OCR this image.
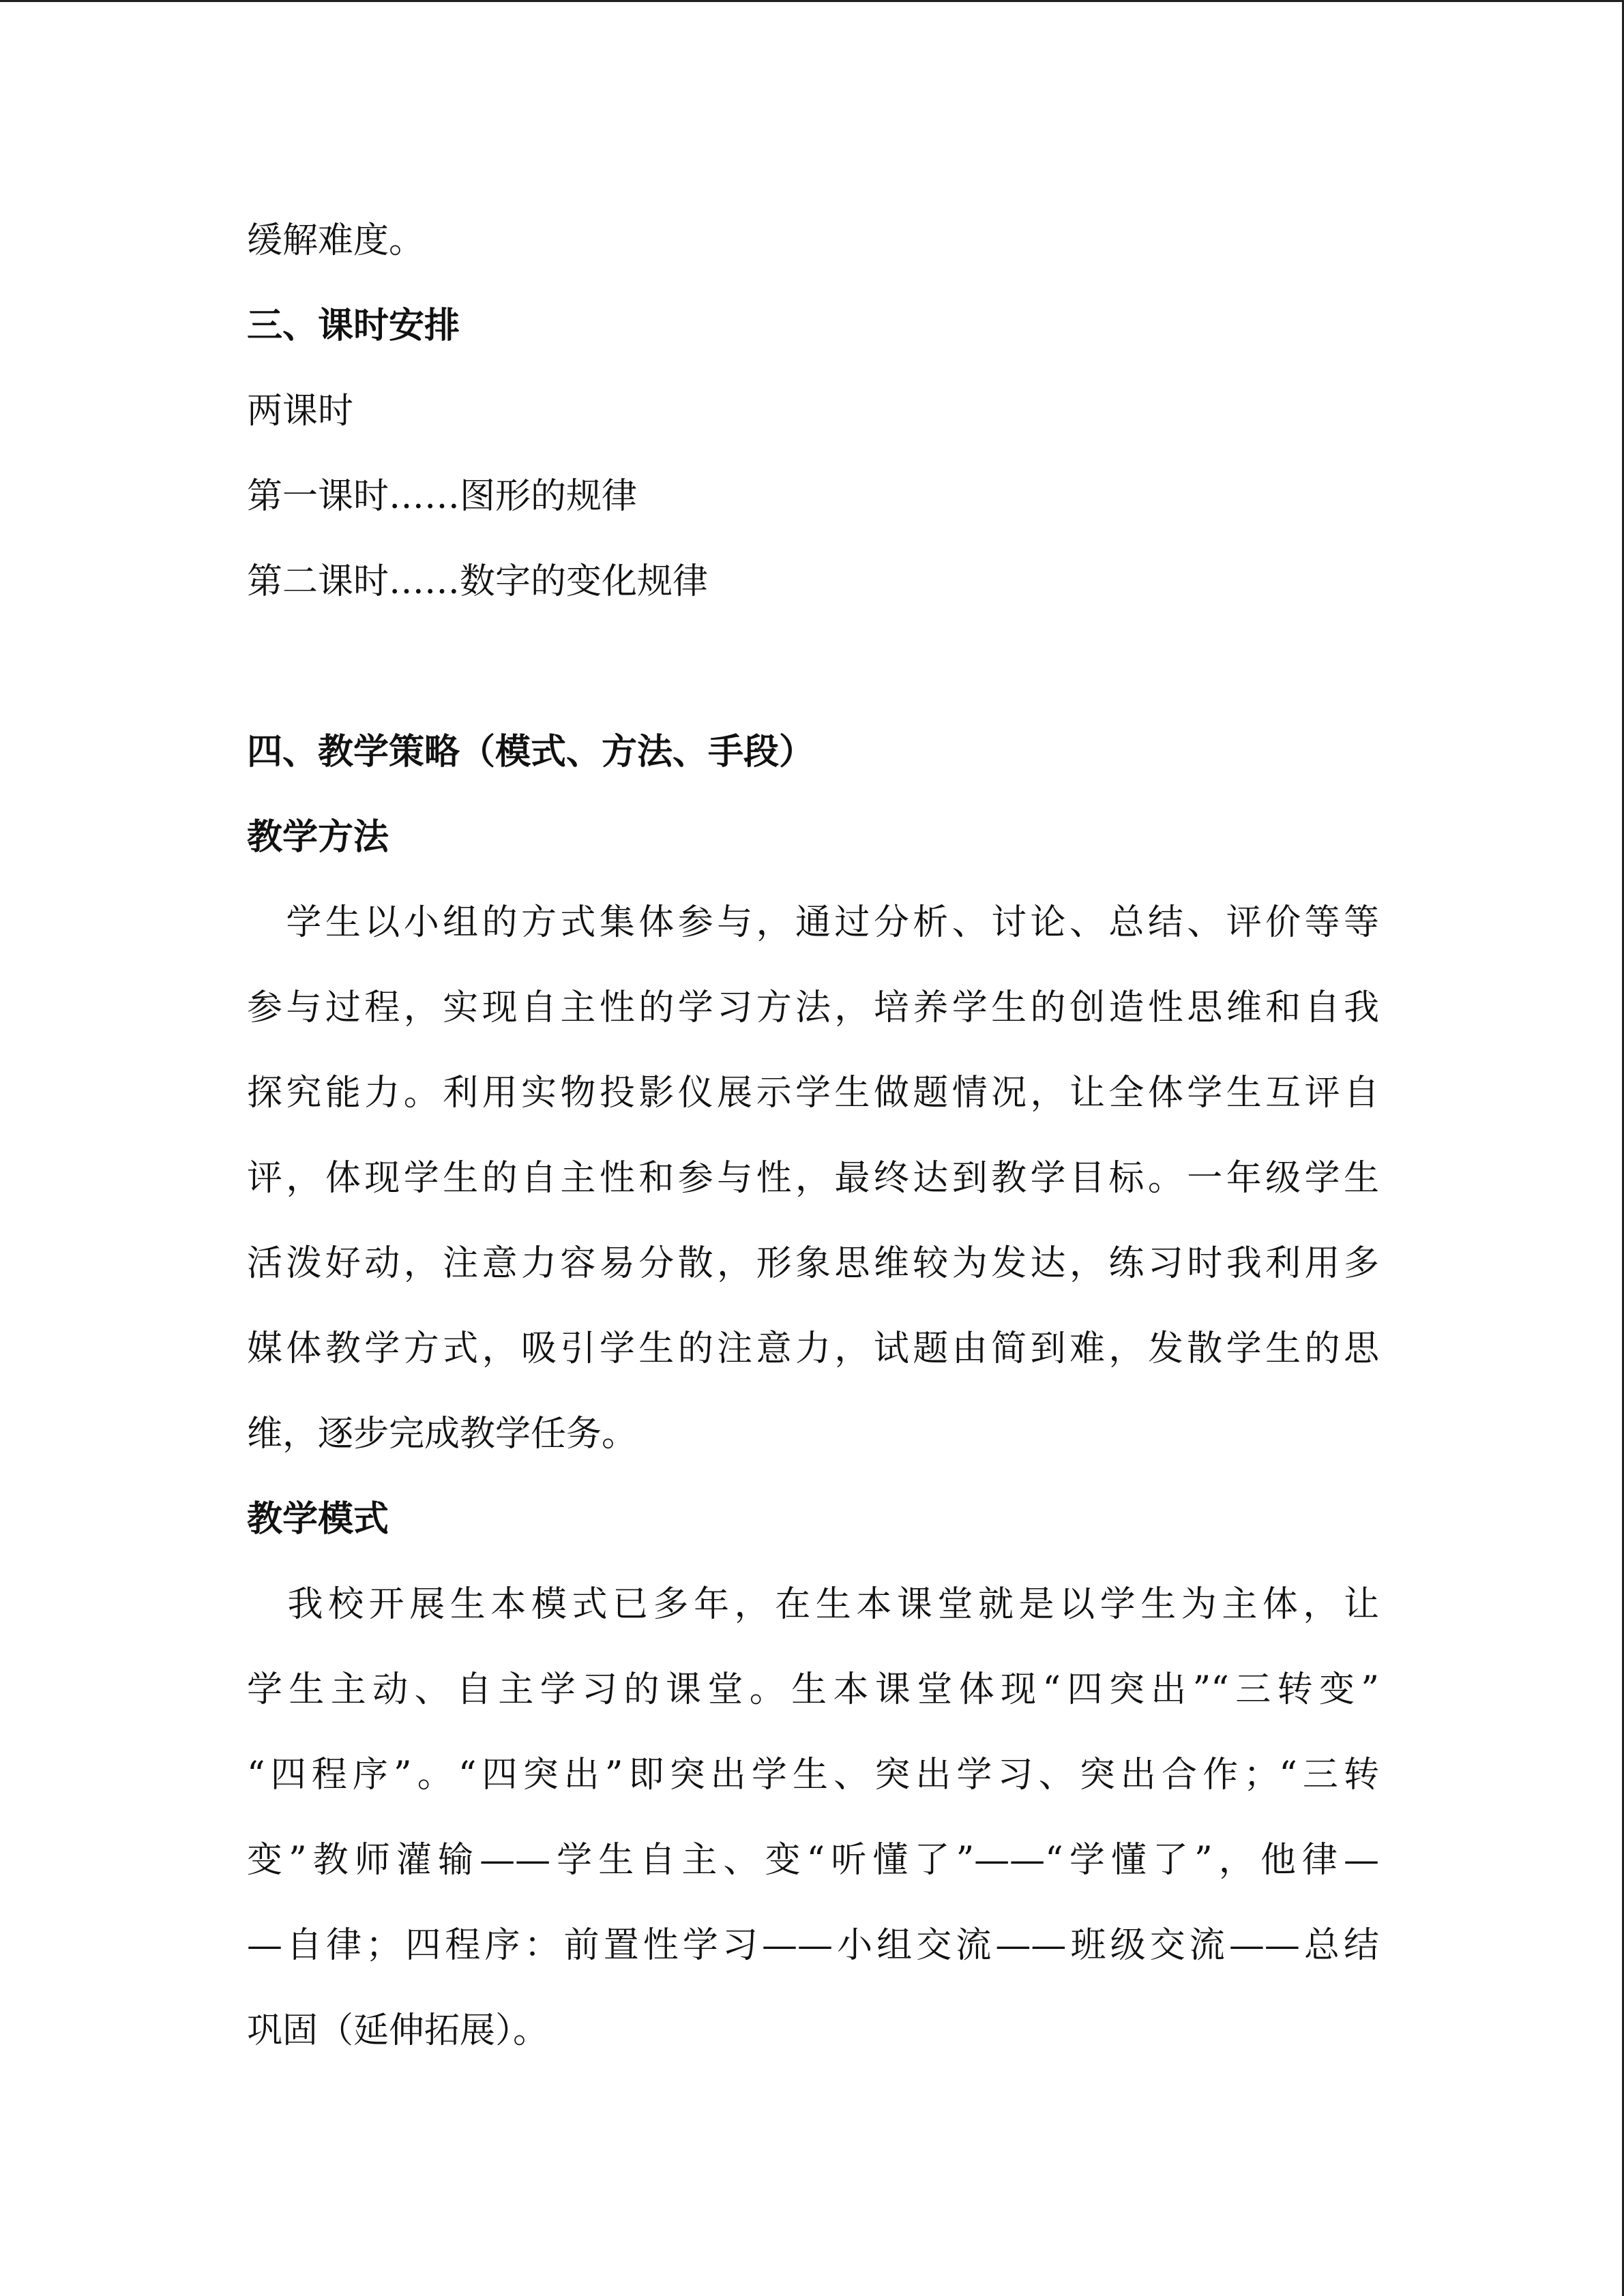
缓解难度。
三、课时安排
两课时
第一课时……图形的规律
第二课时……数字的变化规律
四、教学策略（模式、方法、手段）
教学方法
　学生以小组的方式集体参与，通过分析、讨论、总结、评价等等
参与过程，实现自主性的学习方法，培养学生的创造性思维和自我
探究能力。利用实物投影仪展示学生做题情况，让全体学生互评自
评，体现学生的自主性和参与性，最终达到教学目标。一年级学生
活泼好动，注意力容易分散，形象思维较为发达，练习时我利用多
媒体教学方式，吸引学生的注意力，试题由简到难，发散学生的思
维，逐步完成教学任务。
教学模式
　我校开展生本模式已多年，在生本课堂就是以学生为主体，让
学生主动、自主学习的课堂。生本课堂体现“四突出”“三转变”
“四程序”。“四突出”即突出学生、突出学习、突出合作；“三转
变”教师灌输——学生自主、变“听懂了”——“学懂了”，他律—
—自律；四程序：前置性学习——小组交流——班级交流——总结
巩固（延伸拓展）。
